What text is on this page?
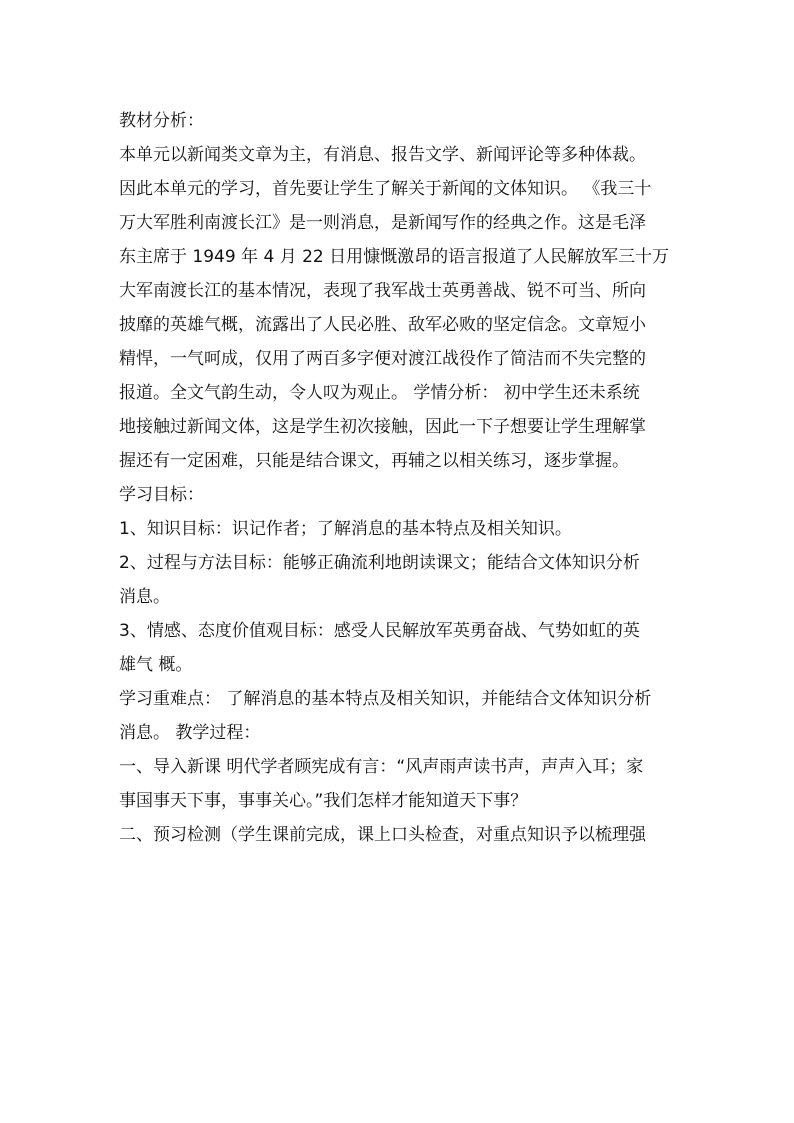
教材分析：
本单元以新闻类文章为主，有消息、报告文学、新闻评论等多种体裁。
因此本单元的学习，首先要让学生了解关于新闻的文体知识。 《我三十
万大军胜利南渡长江》是一则消息，是新闻写作的经典之作。这是毛泽
东主席于 1949 年 4 月 22 日用慷慨激昂的语言报道了人民解放军三十万
大军南渡长江的基本情况，表现了我军战士英勇善战、锐不可当、所向
披靡的英雄气概，流露出了人民必胜、敌军必败的坚定信念。文章短小
精悍，一气呵成，仅用了两百多字便对渡江战役作了简洁而不失完整的
报道。全文气韵生动，令人叹为观止。 学情分析： 初中学生还未系统
地接触过新闻文体，这是学生初次接触，因此一下子想要让学生理解掌
握还有一定困难，只能是结合课文，再辅之以相关练习，逐步掌握。
学习目标：
1、知识目标：识记作者；了解消息的基本特点及相关知识。
2、过程与方法目标：能够正确流利地朗读课文；能结合文体知识分析
消息。
3、情感、态度价值观目标：感受人民解放军英勇奋战、气势如虹的英
雄气 概。
学习重难点： 了解消息的基本特点及相关知识，并能结合文体知识分析
消息。 教学过程：
一、导入新课 明代学者顾宪成有言：“风声雨声读书声，声声入耳；家
事国事天下事，事事关心。”我们怎样才能知道天下事？
二、预习检测（学生课前完成，课上口头检查，对重点知识予以梳理强
